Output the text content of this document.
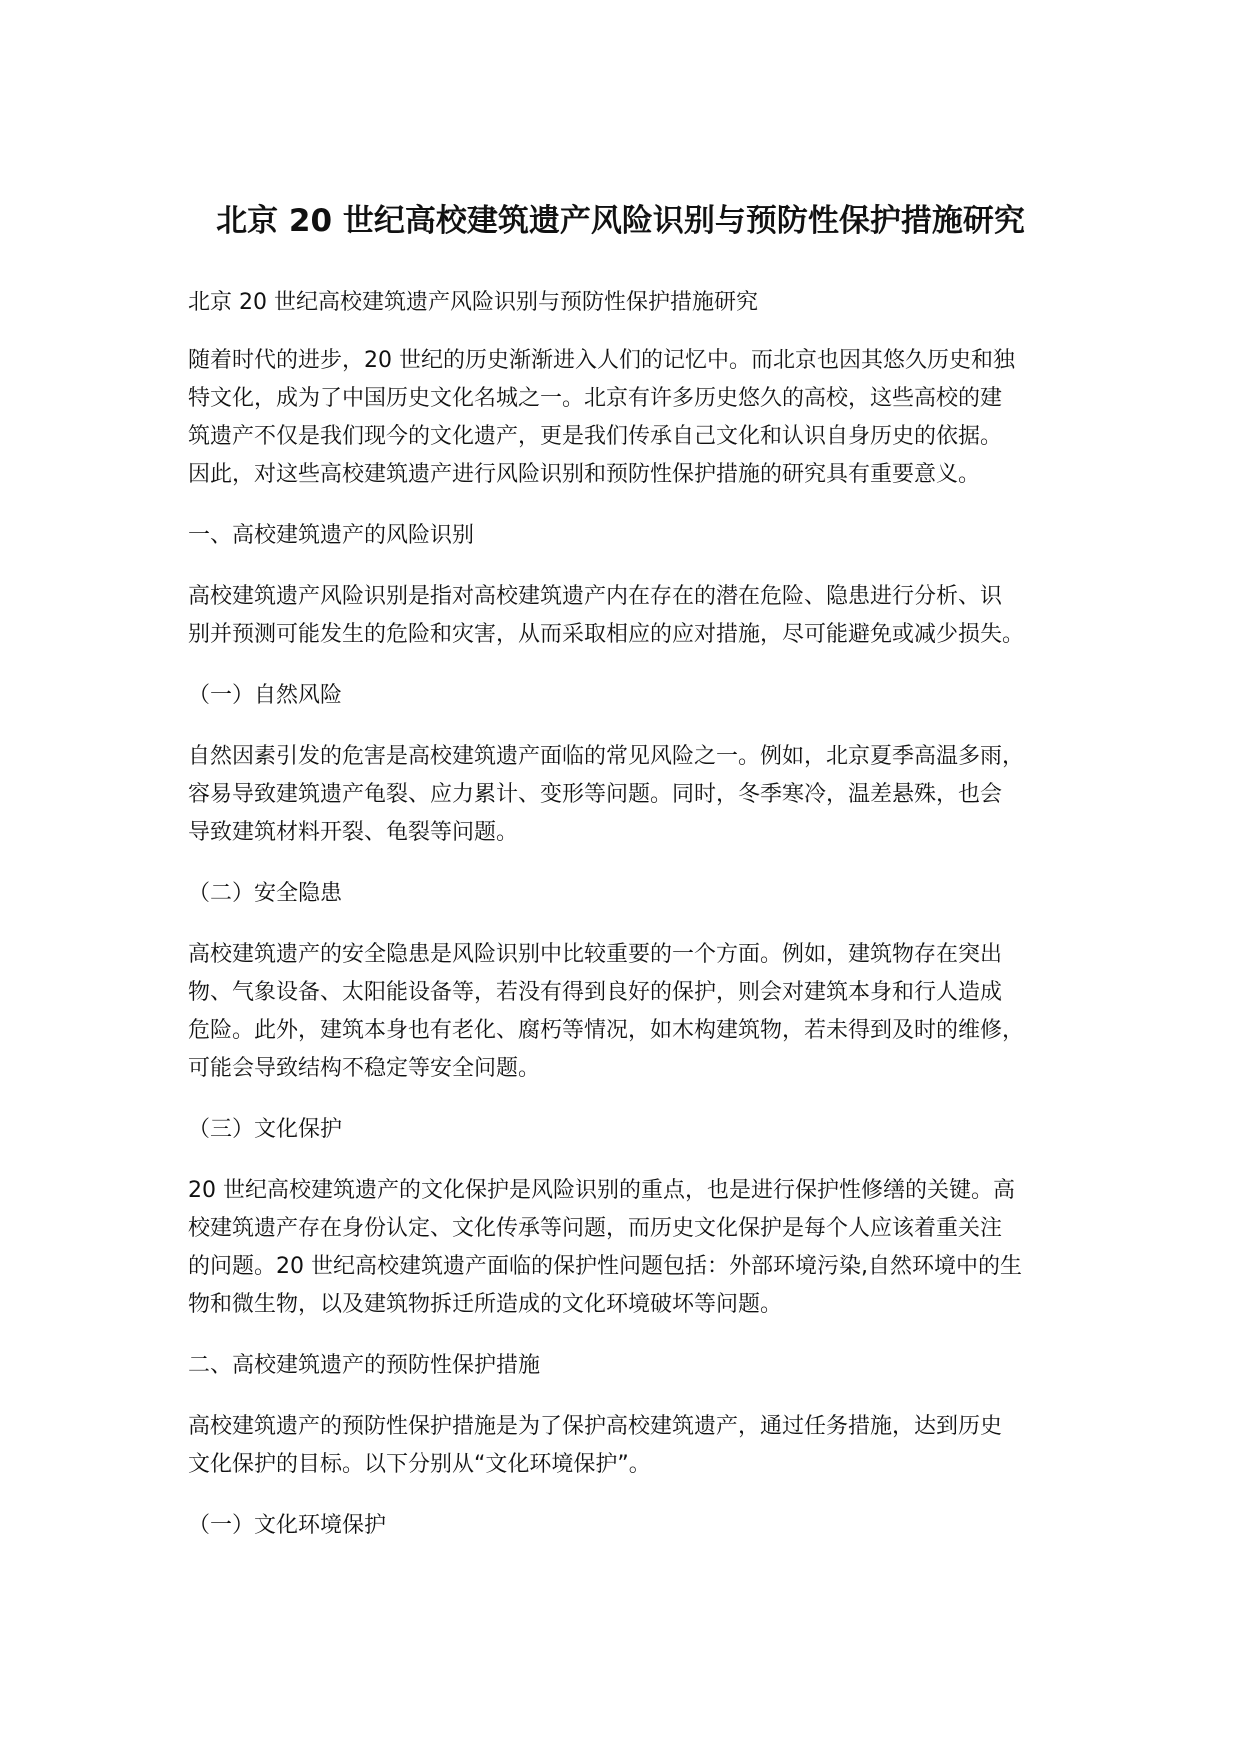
北京 20 世纪高校建筑遗产风险识别与预防性保护措施研究

北京 20 世纪高校建筑遗产风险识别与预防性保护措施研究

随着时代的进步，20 世纪的历史渐渐进入人们的记忆中。而北京也因其悠久历史和独
特文化，成为了中国历史文化名城之一。北京有许多历史悠久的高校，这些高校的建
筑遗产不仅是我们现今的文化遗产，更是我们传承自己文化和认识自身历史的依据。
因此，对这些高校建筑遗产进行风险识别和预防性保护措施的研究具有重要意义。

一、高校建筑遗产的风险识别

高校建筑遗产风险识别是指对高校建筑遗产内在存在的潜在危险、隐患进行分析、识
别并预测可能发生的危险和灾害，从而采取相应的应对措施，尽可能避免或减少损失。

（一）自然风险

自然因素引发的危害是高校建筑遗产面临的常见风险之一。例如，北京夏季高温多雨，
容易导致建筑遗产龟裂、应力累计、变形等问题。同时，冬季寒冷，温差悬殊，也会
导致建筑材料开裂、龟裂等问题。

（二）安全隐患

高校建筑遗产的安全隐患是风险识别中比较重要的一个方面。例如，建筑物存在突出
物、气象设备、太阳能设备等，若没有得到良好的保护，则会对建筑本身和行人造成
危险。此外，建筑本身也有老化、腐朽等情况，如木构建筑物，若未得到及时的维修，
可能会导致结构不稳定等安全问题。

（三）文化保护

20 世纪高校建筑遗产的文化保护是风险识别的重点，也是进行保护性修缮的关键。高
校建筑遗产存在身份认定、文化传承等问题，而历史文化保护是每个人应该着重关注
的问题。20 世纪高校建筑遗产面临的保护性问题包括：外部环境污染,自然环境中的生
物和微生物，以及建筑物拆迁所造成的文化环境破坏等问题。

二、高校建筑遗产的预防性保护措施

高校建筑遗产的预防性保护措施是为了保护高校建筑遗产，通过任务措施，达到历史
文化保护的目标。以下分别从“文化环境保护”。

（一）文化环境保护
